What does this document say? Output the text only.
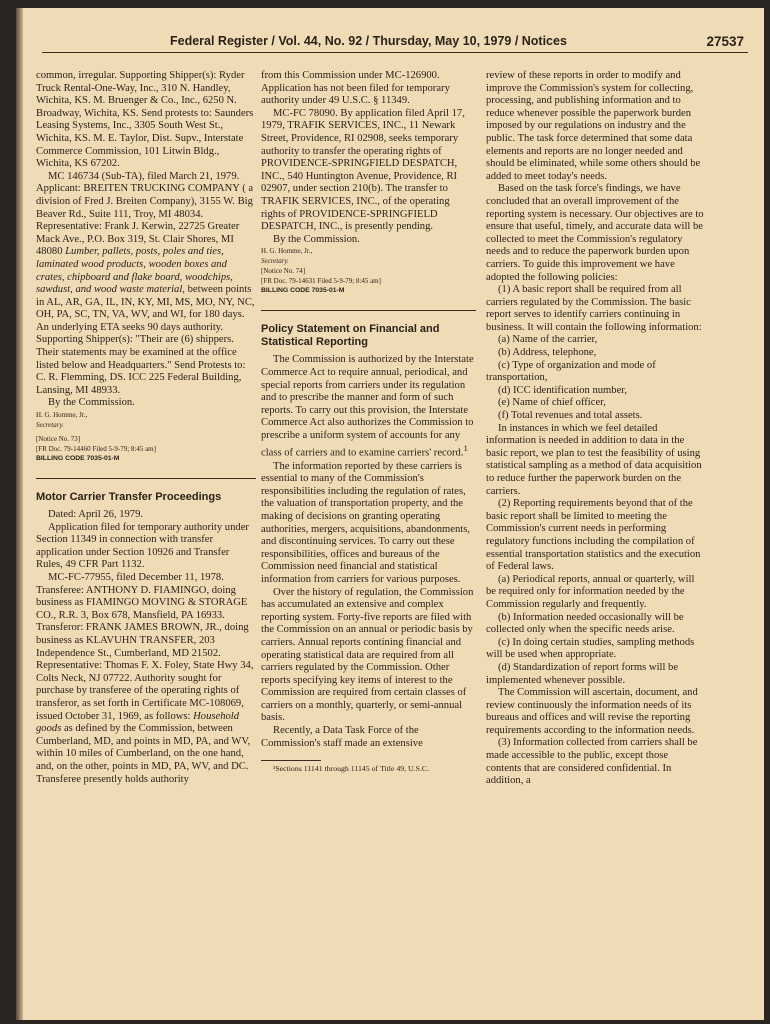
Federal Register / Vol. 44, No. 92 / Thursday, May 10, 1979 / Notices	27537

common, irregular. Supporting Shipper(s): Ryder Truck Rental-One-Way, Inc., 310 N. Handley, Wichita, KS. M. Bruenger & Co., Inc., 6250 N. Broadway, Wichita, KS. Send protests to: Saunders Leasing Systems, Inc., 3305 South West St., Wichita, KS. M. E. Taylor, Dist. Supv., Interstate Commerce Commission, 101 Litwin Bldg., Wichita, KS 67202.

MC 146734 (Sub-TA), filed March 21, 1979. Applicant: BREITEN TRUCKING COMPANY ( a division of Fred J. Breiten Company), 3155 W. Big Beaver Rd., Suite 111, Troy, MI 48034. Representative: Frank J. Kerwin, 22725 Greater Mack Ave., P.O. Box 319, St. Clair Shores, MI 48080 Lumber, pallets, posts, poles and ties, laminated wood products, wooden boxes and crates, chipboard and flake board, woodchips, sawdust, and wood waste material, between points in AL, AR, GA, IL, IN, KY, MI, MS, MO, NY, NC, OH, PA, SC, TN, VA, WV, and WI, for 180 days. An underlying ETA seeks 90 days authority. Supporting Shipper(s): "Their are (6) shippers. Their statements may be examined at the office listed below and Headquarters." Send Protests to: C. R. Flemming, DS. ICC 225 Federal Building, Lansing, MI 48933.

By the Commission.

H. G. Homme, Jr.,

Secretary.

[Notice No. 73]

[FR Doc. 79-14460 Filed 5-9-79; 8:45 am]

BILLING CODE 7035-01-M

Motor Carrier Transfer Proceedings

Dated: April 26, 1979.

Application filed for temporary authority under Section 11349 in connection with transfer application under Section 10926 and Transfer Rules, 49 CFR Part 1132.

MC-FC-77955, filed December 11, 1978. Transferee: ANTHONY D. FIAMINGO, doing business as FIAMINGO MOVING & STORAGE CO., R.R. 3, Box 678, Mansfield, PA 16933. Transferor: FRANK JAMES BROWN, JR., doing business as KLAVUHN TRANSFER, 203 Independence St., Cumberland, MD 21502. Representative: Thomas F. X. Foley, State Hwy 34, Colts Neck, NJ 07722. Authority sought for purchase by transferee of the operating rights of transferor, as set forth in Certificate MC-108069, issued October 31, 1969, as follows: Household goods as defined by the Commission, between Cumberland, MD, and points in MD, PA, and WV, within 10 miles of Cumberland, on the one hand, and, on the other, points in MD, PA, WV, and DC. Transferee presently holds authority

from this Commission under MC-126900. Application has not been filed for temporary authority under 49 U.S.C. § 11349.

MC-FC 78090. By application filed April 17, 1979, TRAFIK SERVICES, INC., 11 Newark Street, Providence, RI 02908, seeks temporary authority to transfer the operating rights of PROVIDENCE-SPRINGFIELD DESPATCH, INC., 540 Huntington Avenue, Providence, RI 02907, under section 210(b). The transfer to TRAFIK SERVICES, INC., of the operating rights of PROVIDENCE-SPRINGFIELD DESPATCH, INC., is presently pending.

By the Commission.

H. G. Homme, Jr.,

Secretary.

[Notice No. 74]

[FR Doc. 79-14631 Filed 5-9-79; 8:45 am]

BILLING CODE 7035-01-M

Policy Statement on Financial and Statistical Reporting

The Commission is authorized by the Interstate Commerce Act to require annual, periodical, and special reports from carriers under its regulation and to prescribe the manner and form of such reports. To carry out this provision, the Interstate Commerce Act also authorizes the Commission to prescribe a uniform system of accounts for any class of carriers and to examine carriers' record.$^1$

The information reported by these carriers is essential to many of the Commission's responsibilities including the regulation of rates, the valuation of transportation property, and the making of decisions on granting operating authorities, mergers, acquisitions, abandonments, and discontinuing services. To carry out these responsibilities, offices and bureaus of the Commission need financial and statistical information from carriers for various purposes.

Over the history of regulation, the Commission has accumulated an extensive and complex reporting system. Forty-five reports are filed with the Commission on an annual or periodic basis by carriers. Annual reports contining financial and operating statistical data are required from all carriers regulated by the Commission. Other reports specifying key items of interest to the Commission are required from certain classes of carriers on a monthly, quarterly, or semi-annual basis.

Recently, a Data Task Force of the Commission's staff made an extensive

¹Sections 11141 through 11145 of Title 49, U.S.C.

review of these reports in order to modify and improve the Commission's system for collecting, processing, and publishing information and to reduce whenever possible the paperwork burden imposed by our regulations on industry and the public. The task force determined that some data elements and reports are no longer needed and should be eliminated, while some others should be added to meet today's needs.

Based on the task force's findings, we have concluded that an overall improvement of the reporting system is necessary. Our objectives are to ensure that useful, timely, and accurate data will be collected to meet the Commission's regulatory needs and to reduce the paperwork burden upon carriers. To guide this improvement we have adopted the following policies:

(1) A basic report shall be required from all carriers regulated by the Commission. The basic report serves to identify carriers continuing in business. It will contain the following information:

(a) Name of the carrier,

(b) Address, telephone,

(c) Type of organization and mode of transportation,

(d) ICC identification number,

(e) Name of chief officer,

(f) Total revenues and total assets.

In instances in which we feel detailed information is needed in addition to data in the basic report, we plan to test the feasibility of using statistical sampling as a method of data acquisition to reduce further the paperwork burden on the carriers.

(2) Reporting requirements beyond that of the basic report shall be limited to meeting the Commission's current needs in performing regulatory functions including the compilation of essential transportation statistics and the execution of Federal laws.

(a) Periodical reports, annual or quarterly, will be required only for information needed by the Commission regularly and frequently.

(b) Information needed occasionally will be collected only when the specific needs arise.

(c) In doing certain studies, sampling methods will be used when appropriate.

(d) Standardization of report forms will be implemented whenever possible.

The Commission will ascertain, document, and review continuously the information needs of its bureaus and offices and will revise the reporting requirements according to the information needs.

(3) Information collected from carriers shall be made accessible to the public, except those contents that are considered confidential. In addition, a
